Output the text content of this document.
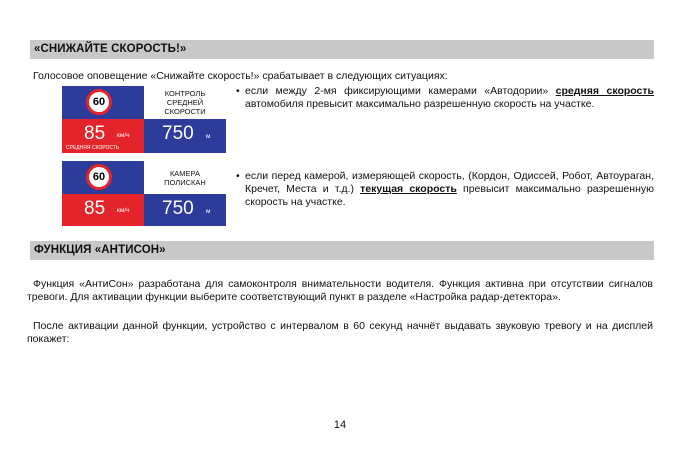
«СНИЖАЙТЕ СКОРОСТЬ!»
Голосовое оповещение «Снижайте скорость!» срабатывает в следующих ситуациях:
60
КОНТРОЛЬ
СРЕДНЕЙ
СКОРОСТИ
85 км/ч
СРЕДНЯЯ СКОРОСТЬ
750 м
• если между 2-мя фиксирующими камерами «Автодории» средняя скорость автомобиля превысит максимально разрешенную скорость на участке.
60	КАМЕРА
ПОЛИСКАН
85 км/ч 750 м
• если перед камерой, измеряющей скорость, (Кордон, Одиссей, Робот, Автоураган, Кречет, Места и т.д.) текущая скорость превысит максимально разрешенную скорость на участке.
ФУНКЦИЯ «АНТИСОН»
Функция «АнтиСон» разработана для самоконтроля внимательности водителя. Функция активна при отсутствии сигналов тревоги. Для активации функции выберите соответствующий пункт в разделе «Настройка радар-детектора».
После активации данной функции, устройство с интервалом в 60 секунд начнёт выдавать звуковую тревогу и на дисплей покажет:
14
